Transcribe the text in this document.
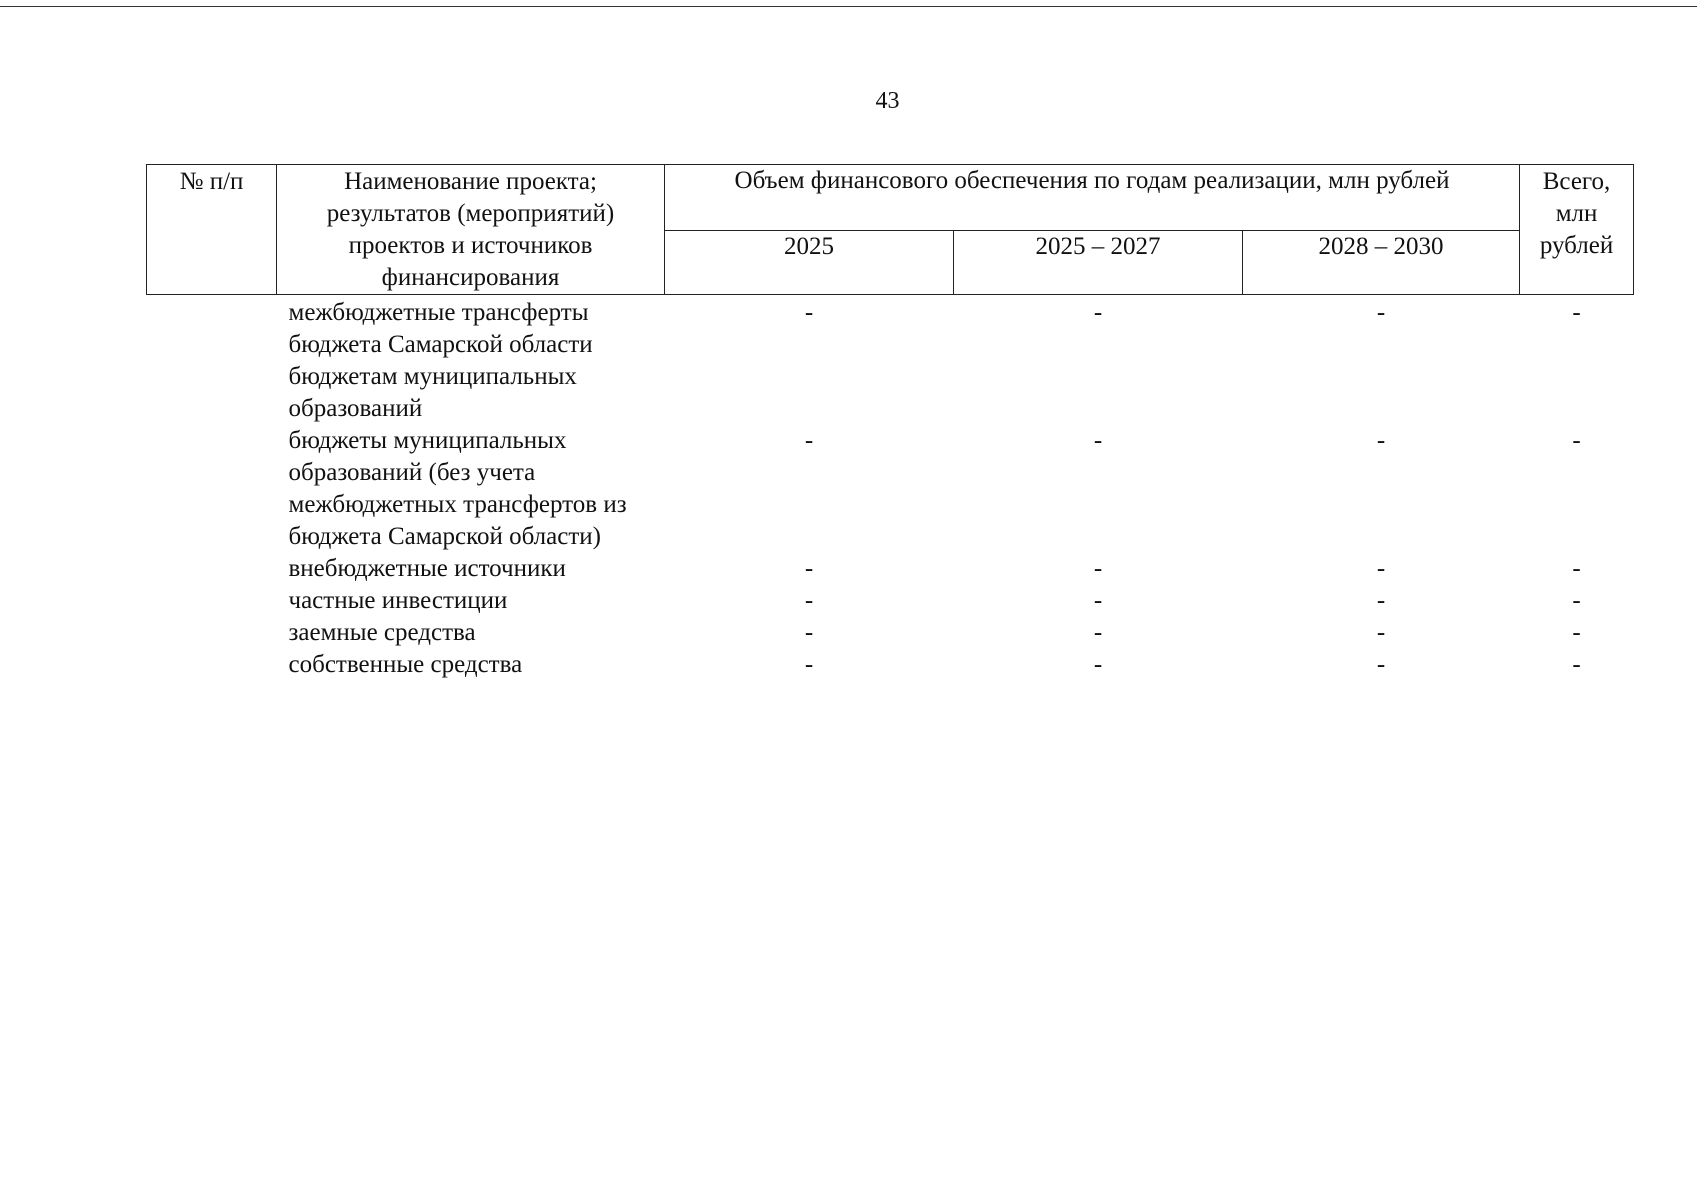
43
№ п/п	Наименование проекта; результатов (мероприятий) проектов и источников финансирования	Объем финансового обеспечения по годам реализации, млн рублей			Всего, млн рублей
		2025	2025 – 2027	2028 – 2030	
	межбюджетные трансферты бюджета Самарской области бюджетам муниципальных образований	-	-	-	-
	бюджеты муниципальных образований (без учета межбюджетных трансфертов из бюджета Самарской области)	-	-	-	-
	внебюджетные источники	-	-	-	-
	частные инвестиции	-	-	-	-
	заемные средства	-	-	-	-
	собственные средства	-	-	-	-
